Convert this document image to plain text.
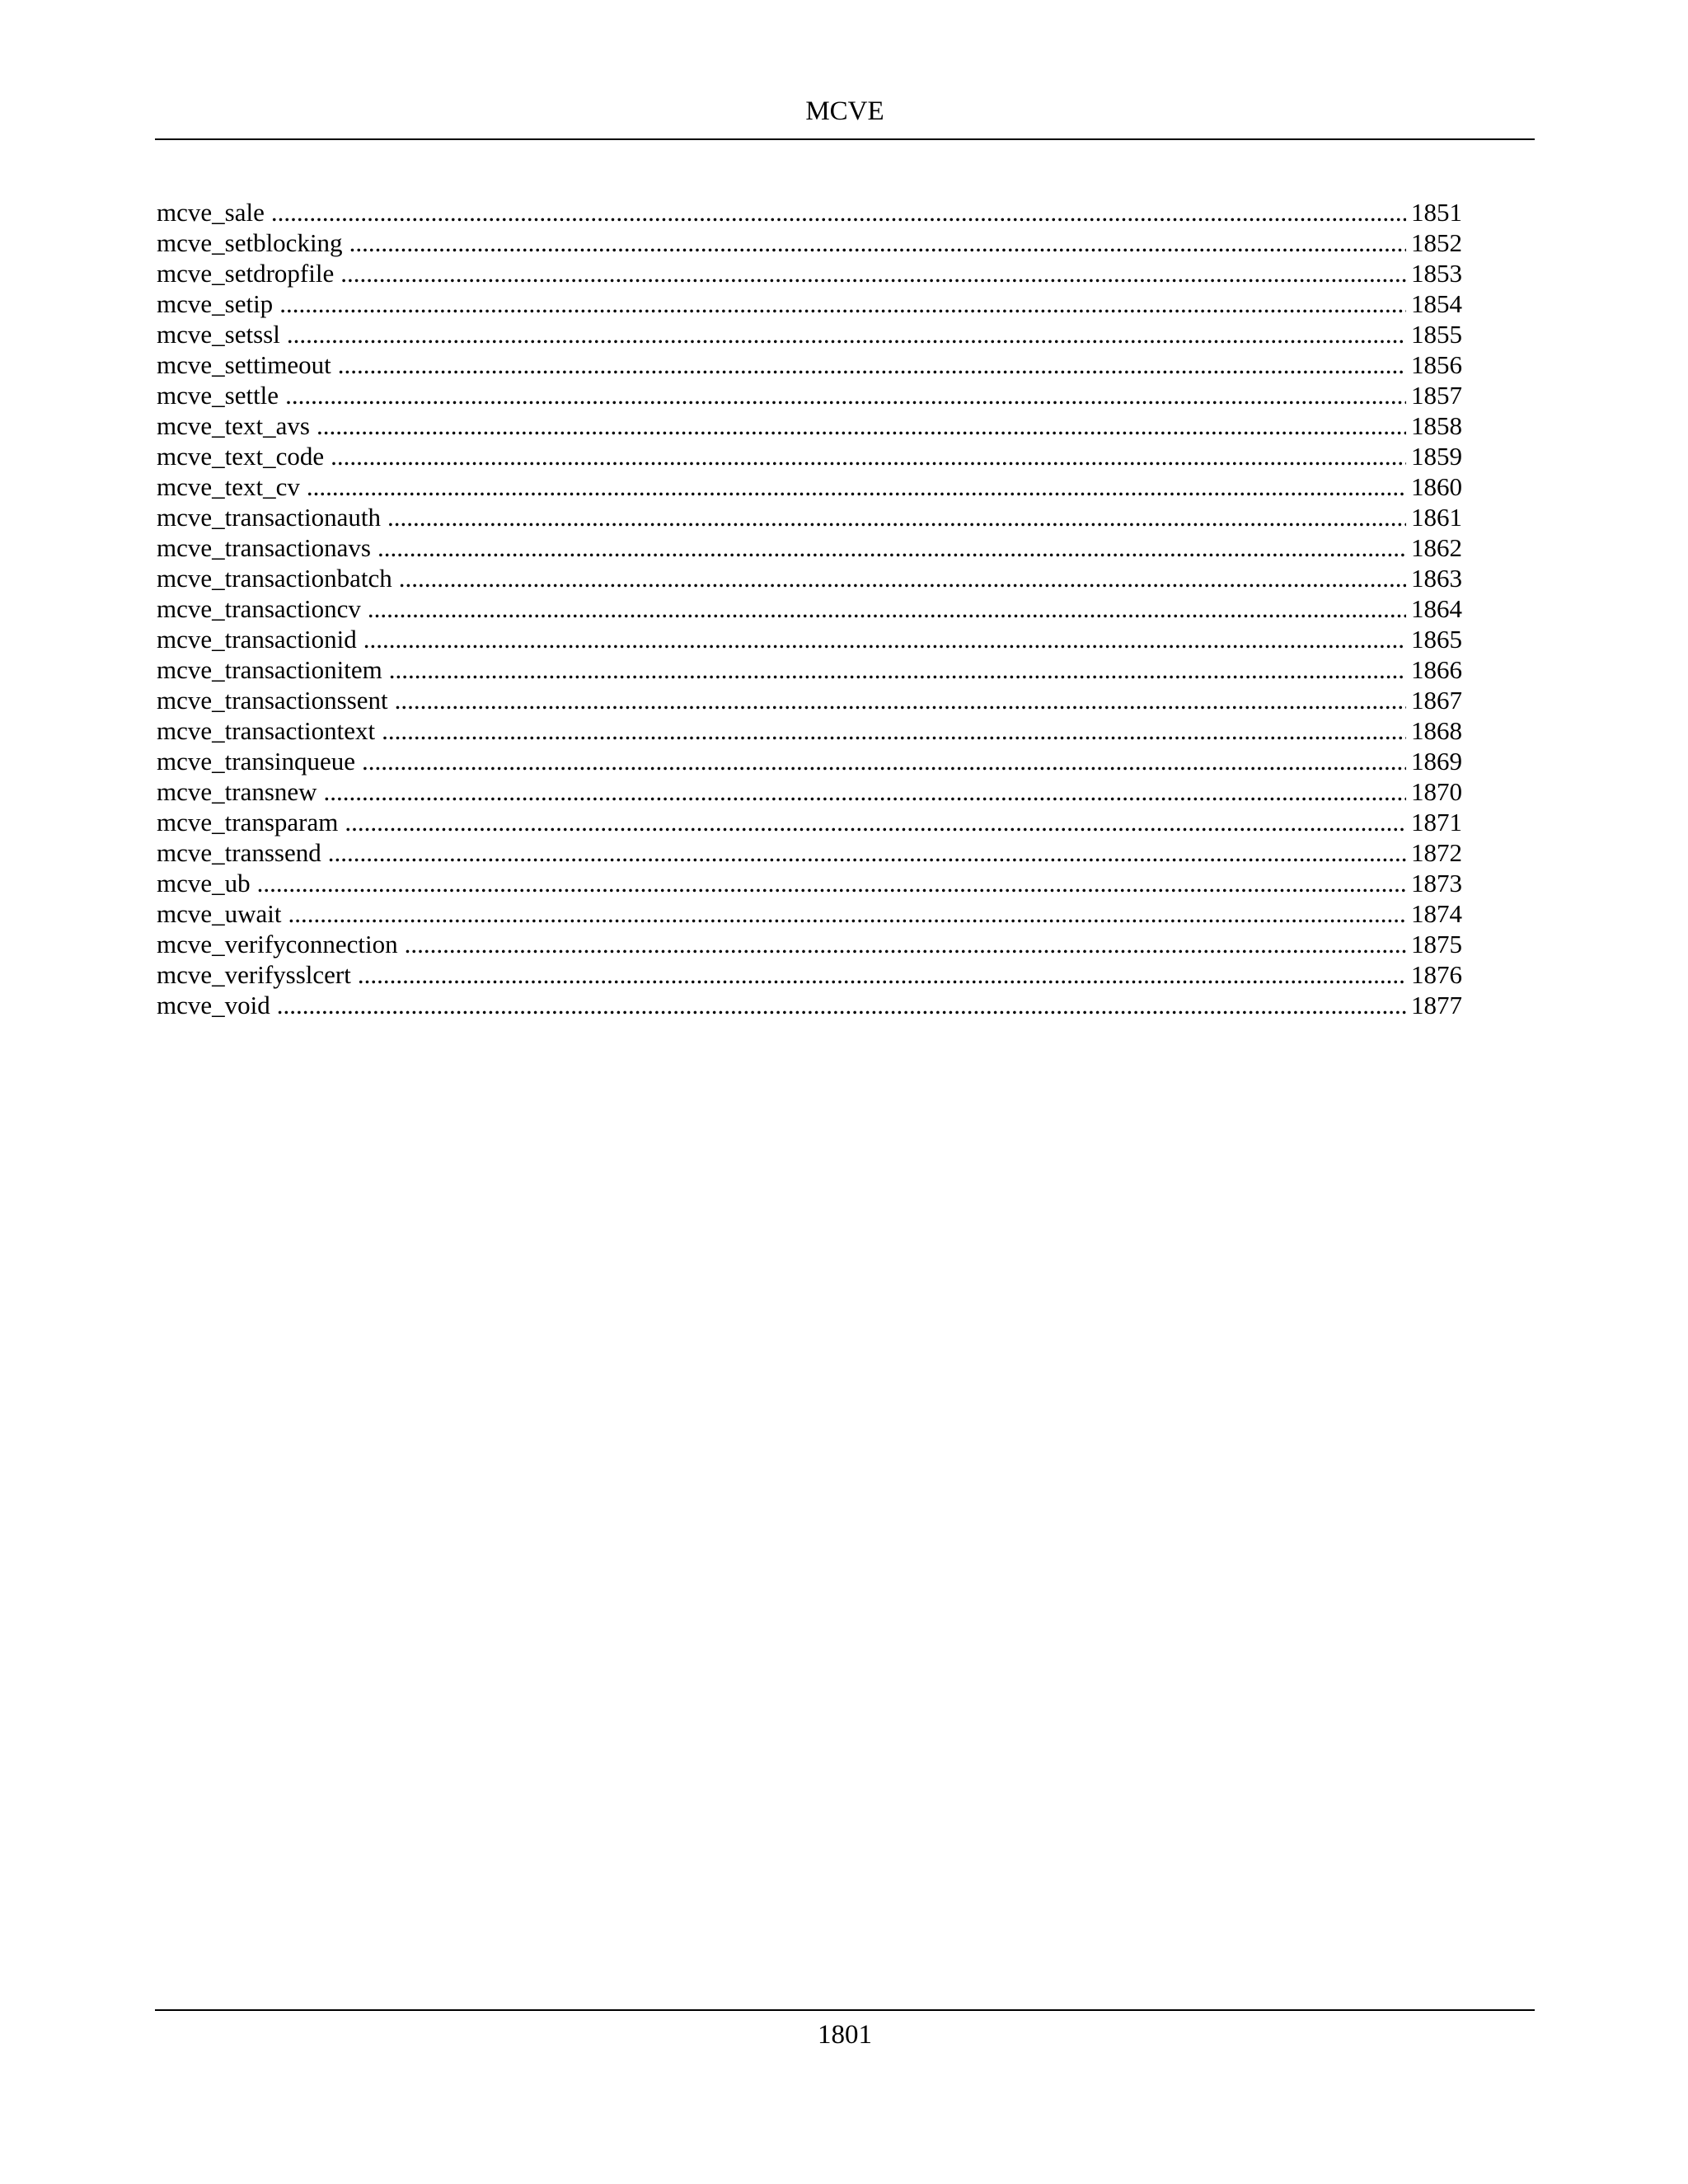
MCVE
mcve_sale .....	1851
mcve_setblocking .....	1852
mcve_setdropfile .....	1853
mcve_setip .....	1854
mcve_setssl .....	1855
mcve_settimeout .....	1856
mcve_settle .....	1857
mcve_text_avs .....	1858
mcve_text_code .....	1859
mcve_text_cv .....	1860
mcve_transactionauth .....	1861
mcve_transactionavs .....	1862
mcve_transactionbatch .....	1863
mcve_transactioncv .....	1864
mcve_transactionid .....	1865
mcve_transactionitem .....	1866
mcve_transactionssent .....	1867
mcve_transactiontext .....	1868
mcve_transinqueue .....	1869
mcve_transnew .....	1870
mcve_transparam .....	1871
mcve_transsend .....	1872
mcve_ub .....	1873
mcve_uwait .....	1874
mcve_verifyconnection .....	1875
mcve_verifysslcert .....	1876
mcve_void .....	1877
1801
